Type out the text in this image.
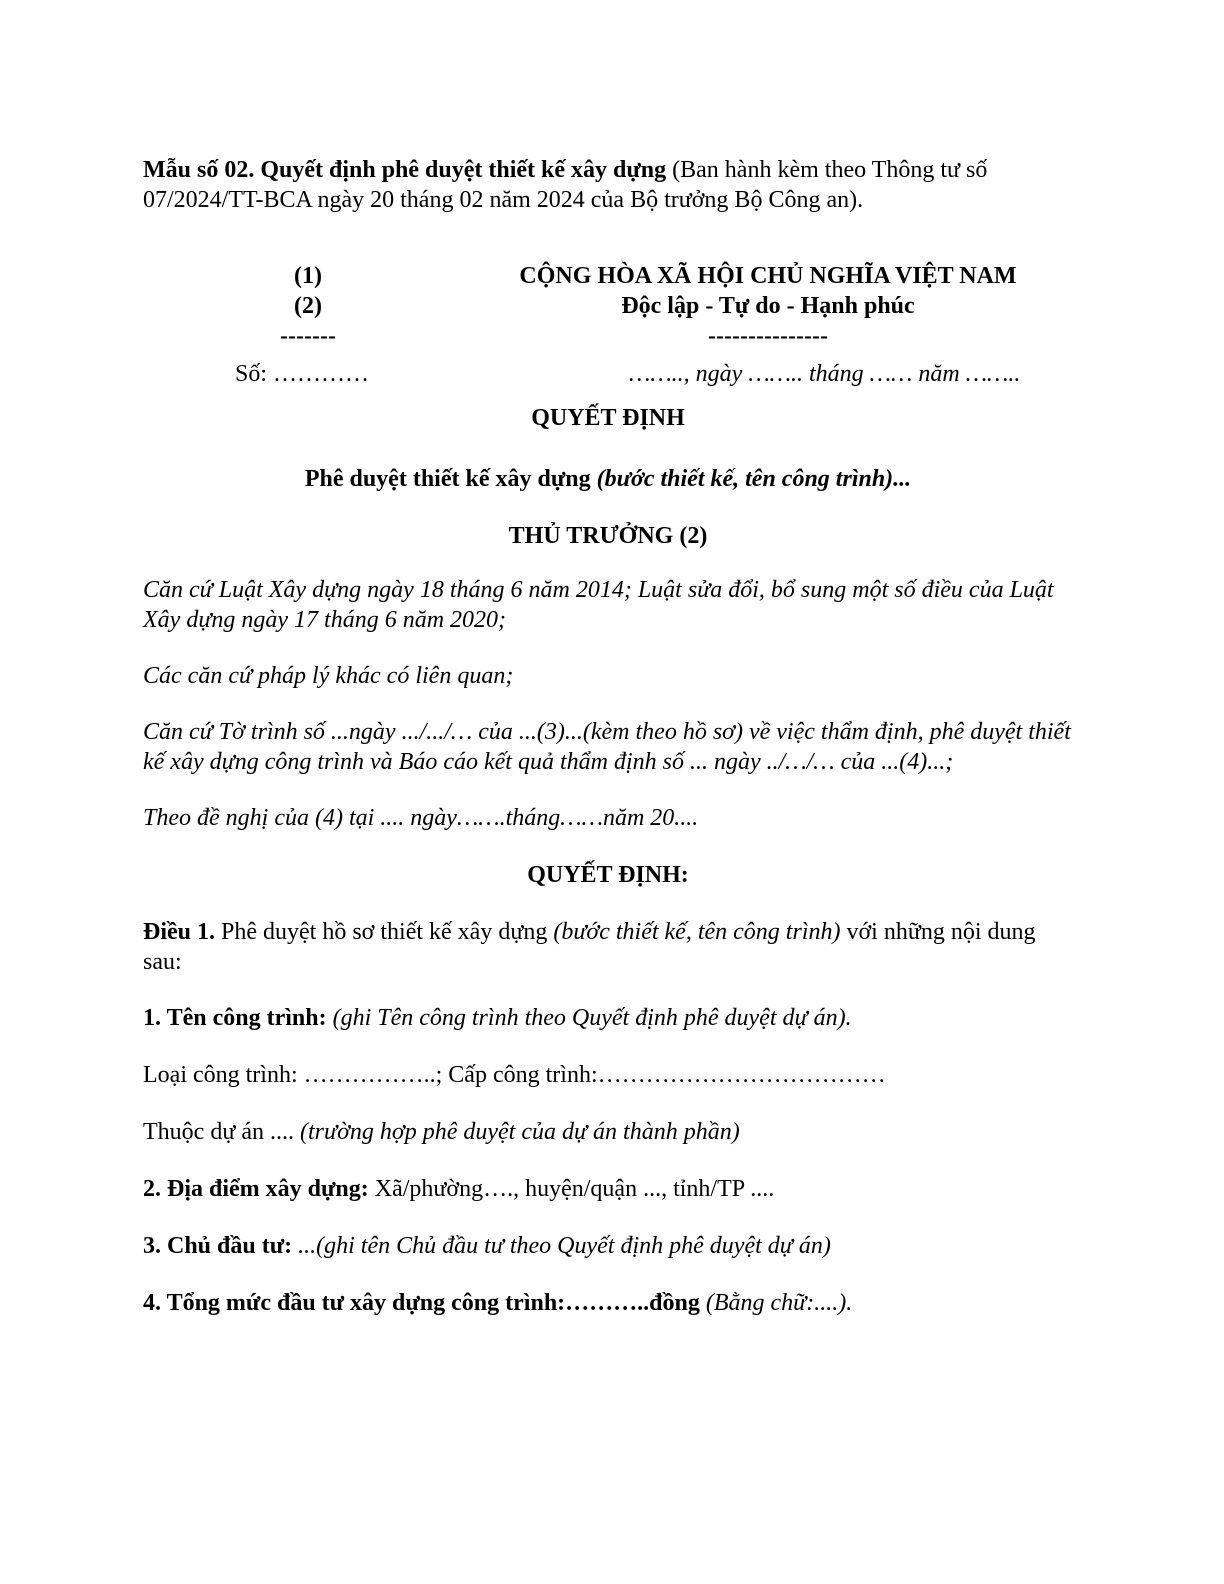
Mẫu số 02. Quyết định phê duyệt thiết kế xây dựng (Ban hành kèm theo Thông tư số 07/2024/TT-BCA ngày 20 tháng 02 năm 2024 của Bộ trưởng Bộ Công an).

(1)
(2)
-------
CỘNG HÒA XÃ HỘI CHỦ NGHĨA VIỆT NAM
Độc lập - Tự do - Hạnh phúc
---------------
Số: …………	…….., ngày …….. tháng …… năm ……..

QUYẾT ĐỊNH

Phê duyệt thiết kế xây dựng (bước thiết kế, tên công trình)...

THỦ TRƯỞNG (2)

Căn cứ Luật Xây dựng ngày 18 tháng 6 năm 2014; Luật sửa đổi, bổ sung một số điều của Luật Xây dựng ngày 17 tháng 6 năm 2020;

Các căn cứ pháp lý khác có liên quan;

Căn cứ Tờ trình số ...ngày .../.../… của ...(3)...(kèm theo hồ sơ) về việc thẩm định, phê duyệt thiết kế xây dựng công trình và Báo cáo kết quả thẩm định số ... ngày ../…/… của ...(4)...;

Theo đề nghị của (4) tại .... ngày…….tháng……năm 20....

QUYẾT ĐỊNH:

Điều 1. Phê duyệt hồ sơ thiết kế xây dựng (bước thiết kế, tên công trình) với những nội dung sau:

1. Tên công trình: (ghi Tên công trình theo Quyết định phê duyệt dự án).

Loại công trình: ……………..; Cấp công trình:………………………………

Thuộc dự án .... (trường hợp phê duyệt của dự án thành phần)

2. Địa điểm xây dựng: Xã/phường…., huyện/quận ..., tỉnh/TP ....

3. Chủ đầu tư: ...(ghi tên Chủ đầu tư theo Quyết định phê duyệt dự án)

4. Tổng mức đầu tư xây dựng công trình:………..đồng (Bằng chữ:....).
